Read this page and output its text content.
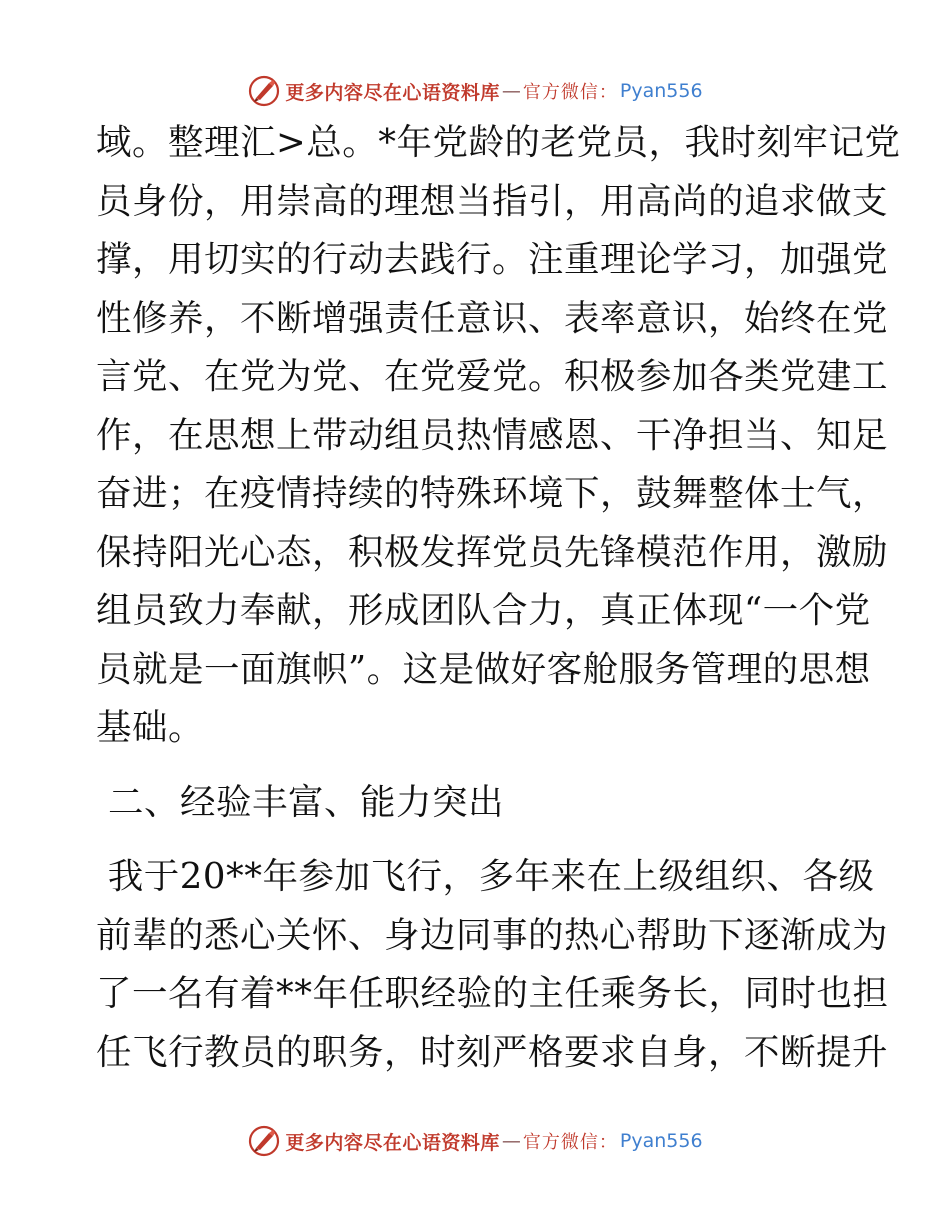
更多内容尽在心语资料库 — 官方微信： Pyan556

域。整理汇>总。*年党龄的老党员，我时刻牢记党
员身份，用崇高的理想当指引，用高尚的追求做支
撑，用切实的行动去践行。注重理论学习，加强党
性修养，不断增强责任意识、表率意识，始终在党
言党、在党为党、在党爱党。积极参加各类党建工
作，在思想上带动组员热情感恩、干净担当、知足
奋进；在疫情持续的特殊环境下，鼓舞整体士气，
保持阳光心态，积极发挥党员先锋模范作用，激励
组员致力奉献，形成团队合力，真正体现“一个党
员就是一面旗帜”。这是做好客舱服务管理的思想
基础。

二、经验丰富、能力突出

我于20**年参加飞行，多年来在上级组织、各级
前辈的悉心关怀、身边同事的热心帮助下逐渐成为
了一名有着**年任职经验的主任乘务长，同时也担
任飞行教员的职务，时刻严格要求自身，不断提升

更多内容尽在心语资料库 — 官方微信： Pyan556
